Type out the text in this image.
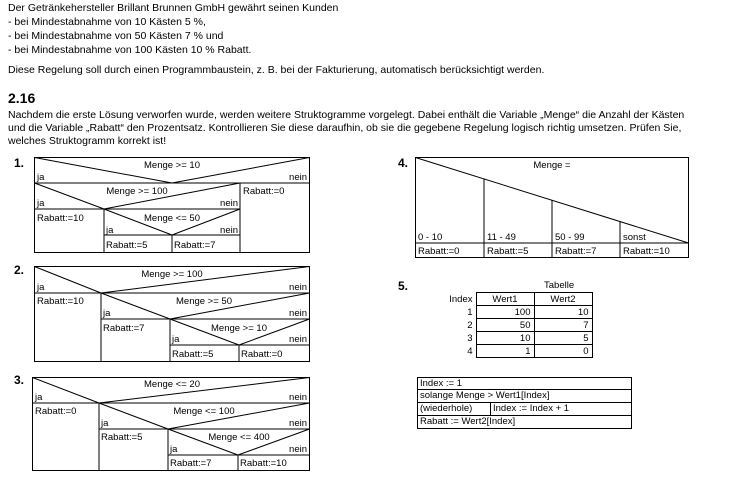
Der Getränkehersteller Brillant Brunnen GmbH gewährt seinen Kunden
- bei Mindestabnahme von 10 Kästen 5 %,
- bei Mindestabnahme von 50 Kästen 7 % und
- bei Mindestabnahme von 100 Kästen 10 % Rabatt.
Diese Regelung soll durch einen Programmbaustein, z. B. bei der Fakturierung, automatisch berücksichtigt werden.
2.16
Nachdem die erste Lösung verworfen wurde, werden weitere Struktogramme vorgelegt. Dabei enthält die Variable „Menge“ die Anzahl der Kästen
und die Variable „Rabatt“ den Prozentsatz. Kontrollieren Sie diese daraufhin, ob sie die gegebene Regelung logisch richtig umsetzen. Prüfen Sie,
welches Struktogramm korrekt ist!
1.	Menge >= 10
ja	nein
Menge >= 100
ja	nein
Rabatt:=0
Rabatt:=10	Menge <= 50
ja	nein
Rabatt:=5	Rabatt:=7
2.	Menge >= 100
ja	nein
Rabatt:=10	Menge >= 50
ja	nein
Rabatt:=7	Menge >= 10
ja	nein
Rabatt:=5	Rabatt:=0
3.	Menge <= 20
ja	nein
Rabatt:=0	Menge <= 100
ja	nein
Rabatt:=5	Menge <= 400
ja	nein
Rabatt:=7	Rabatt:=10
4.	Menge =
0 - 10	11 - 49	50 - 99	sonst
Rabatt:=0	Rabatt:=5	Rabatt:=7	Rabatt:=10
5.	Tabelle
Index	Wert1	Wert2
1	100	10
2	50	7
3	10	5
4	1	0
Index := 1
solange Menge > Wert1[Index]
(wiederhole)	Index := Index + 1
Rabatt := Wert2[Index]
